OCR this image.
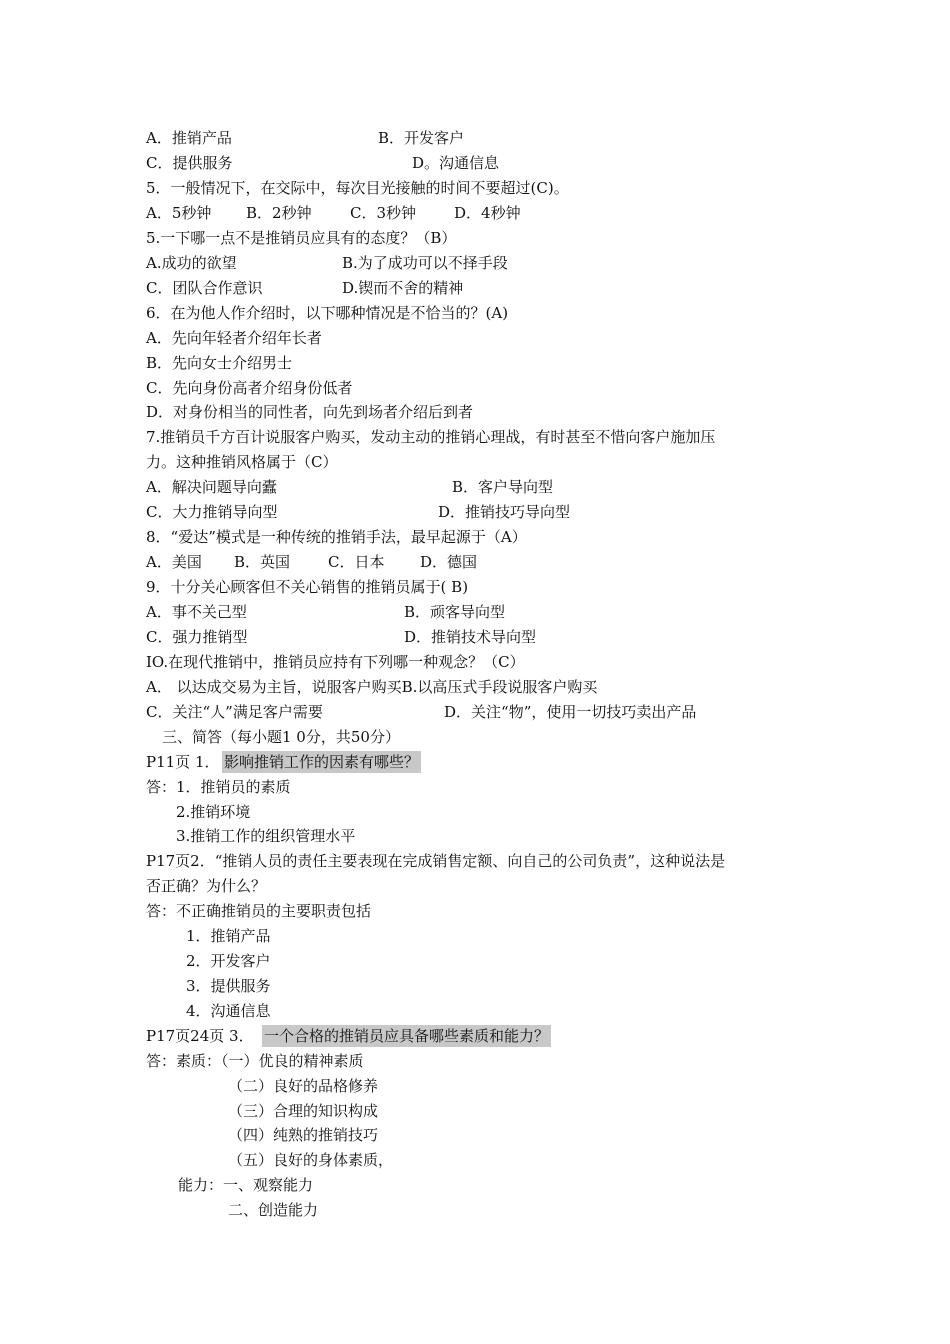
A．推销产品	B．开发客户
C．提供服务	D。沟通信息
5．一般情况下，在交际中，每次目光接触的时间不要超过(C)。
A．5秒钟 B．2秒钟	C．3秒钟	D．4秒钟
5.一下哪一点不是推销员应具有的态度？（B）
A.成功的欲望	B.为了成功可以不择手段
C．团队合作意识	D.锲而不舍的精神
6．在为他人作介绍时，以下哪种情况是不恰当的？(A)
A．先向年轻者介绍年长者
B．先向女士介绍男士
C．先向身份高者介绍身份低者
D．对身份相当的同性者，向先到场者介绍后到者
7.推销员千方百计说服客户购买，发动主动的推销心理战，有时甚至不惜向客户施加压
力。这种推销风格属于（C）
A．解决问题导向蠹	B．客户导向型
C．大力推销导向型	D．推销技巧导向型
8．“爱达”模式是一种传统的推销手法，最早起源于（A）
A．美国 B．英国	C．日本 D．德国
9．十分关心顾客但不关心销售的推销员属于( B)
A．事不关己型	B．顽客导向型
C．强力推销型	D．推销技术导向型
IO.在现代推销中，推销员应持有下列哪一种观念？（C）
A． 以达成交易为主旨，说服客户购买B.以高压式手段说服客户购买
C．关注“人”满足客户需要	D．关注“物”，使用一切技巧卖出产品
三、简答（每小题1 0分，共50分）
P11页 1． 影响推销工作的因素有哪些？
答：1．推销员的素质
2.推销环境
3.推销工作的组织管理水平
P17页2．“推销人员的责任主要表现在完成销售定额、向自己的公司负责”，这种说法是
否正确？为什么？
答：不正确推销员的主要职责包括
1．推销产品
2．开发客户
3．提供服务
4．沟通信息
P17页24页 3． 一个合格的推销员应具备哪些素质和能力？
答：素质：（一）优良的精神素质
（二）良好的品格修养
（三）合理的知识构成
（四）纯熟的推销技巧
（五）良好的身体素质，
能力：一、观察能力
二、创造能力
